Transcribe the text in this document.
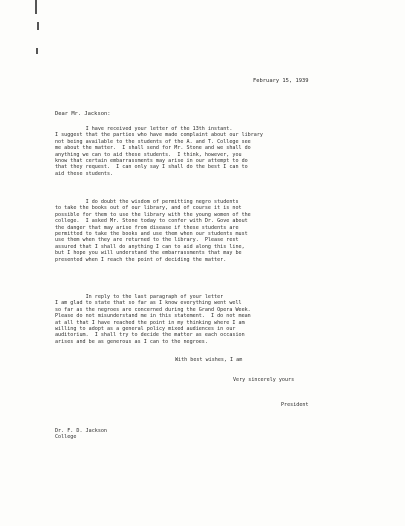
February 15, 1939
Dear Mr. Jackson:
I have received your letter of the 13th instant.
I suggest that the parties who have made complaint about our library
not being available to the students of the A. and T. College see
me about the matter.  I shall send for Mr. Stone and we shall do
anything we can to aid these students.  I think, however, you
know that certain embarrassments may arise in our attempt to do
that they request.  I can only say I shall do the best I can to
aid these students.
I do doubt the wisdom of permitting negro students
to take the books out of our library, and of course it is not
possible for them to use the library with the young women of the
college.  I asked Mr. Stone today to confer with Dr. Gove about
the danger that may arise from disease if these students are
permitted to take the books and use them when our students must
use them when they are returned to the library.  Please rest
assured that I shall do anything I can to aid along this line,
but I hope you will understand the embarrassments that may be
presented when I reach the point of deciding the matter.
In reply to the last paragraph of your letter
I am glad to state that so far as I know everything went well
so far as the negroes are concerned during the Grand Opera Week.
Please do not misunderstand me in this statement.  I do not mean
at all that I have reached the point in my thinking where I am
willing to adopt as a general policy mixed audiences in our
auditorium.  I shall try to decide the matter as each occasion
arises and be as generous as I can to the negroes.
With best wishes, I am
Very sincerely yours
President
Dr. F. D. Jackson
College
